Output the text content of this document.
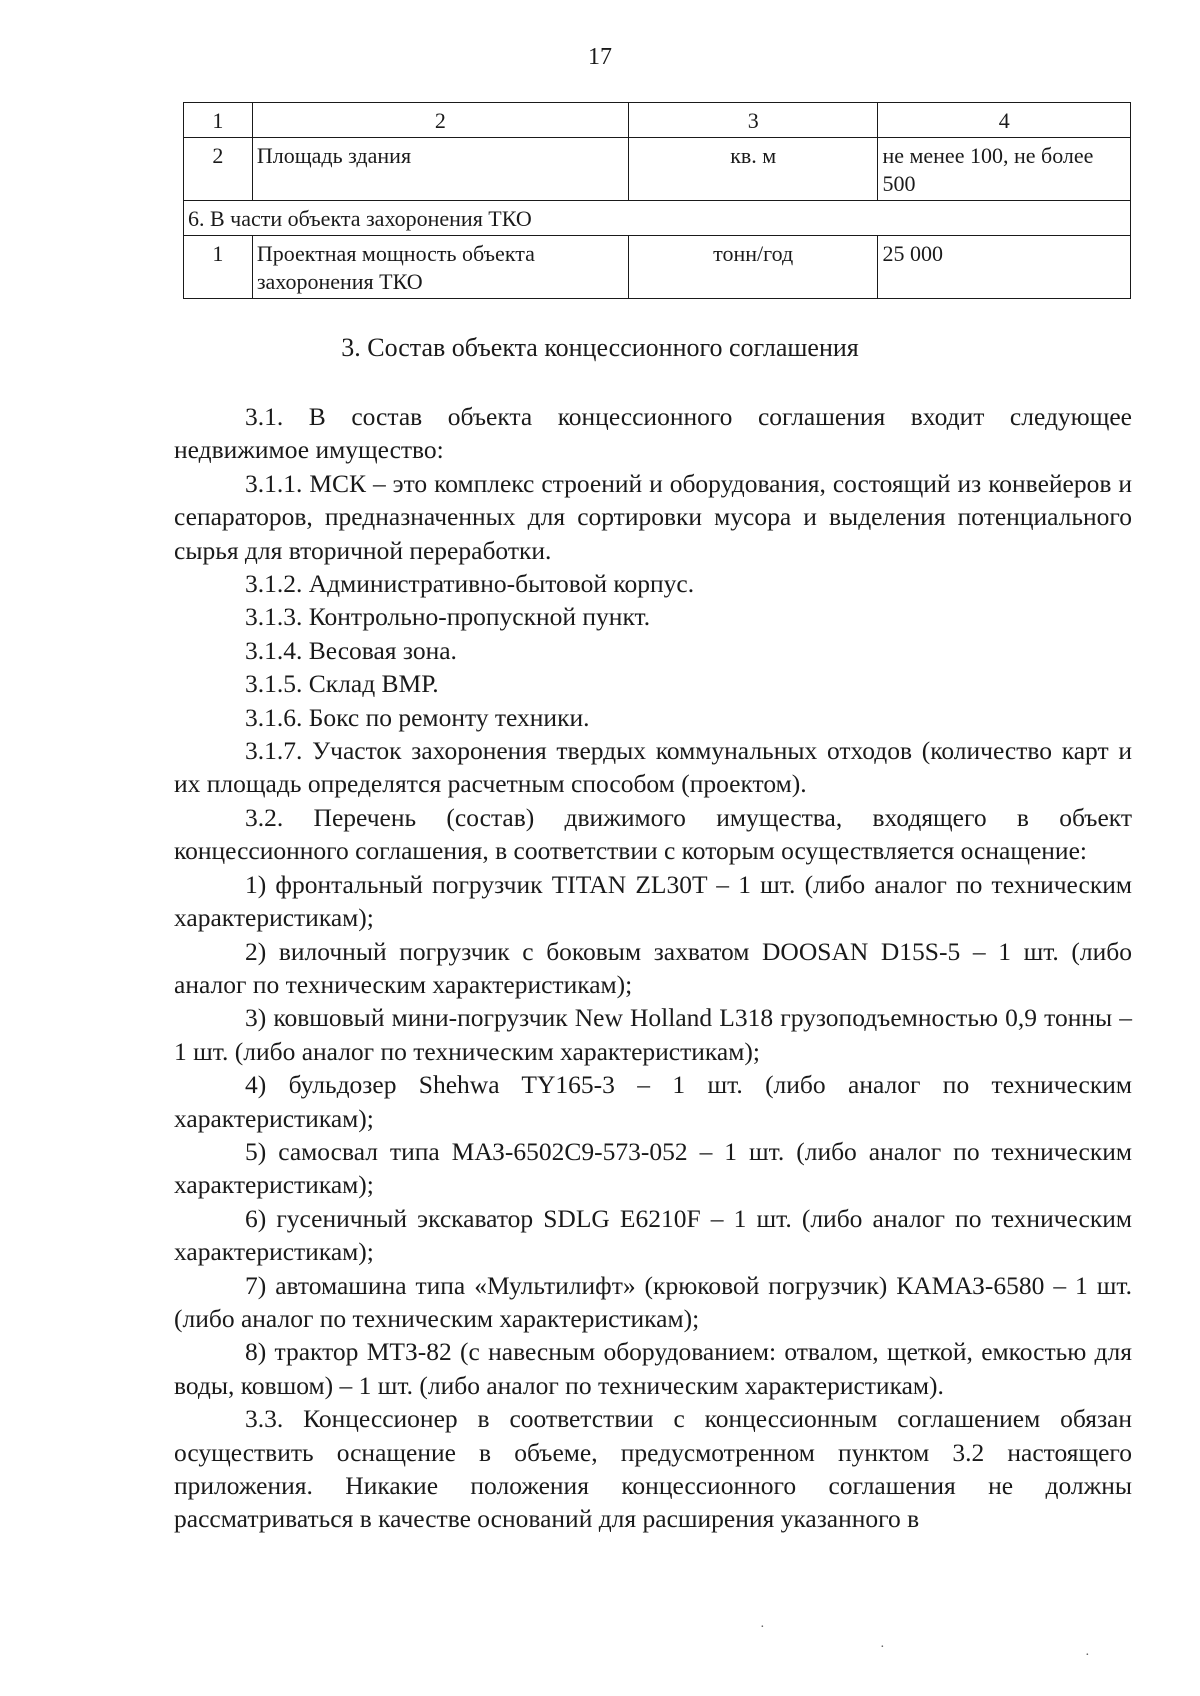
17
1	2	3	4
2	Площадь здания	кв. м	не менее 100, не более 500
6. В части объекта захоронения ТКО			
1	Проектная мощность объекта захоронения ТКО	тонн/год	25 000
3. Состав объекта концессионного соглашения

3.1. В состав объекта концессионного соглашения входит следующее недвижимое имущество:

3.1.1. МСК – это комплекс строений и оборудования, состоящий из конвейеров и сепараторов, предназначенных для сортировки мусора и выделения потенциального сырья для вторичной переработки.

3.1.2. Административно-бытовой корпус.

3.1.3. Контрольно-пропускной пункт.

3.1.4. Весовая зона.

3.1.5. Склад ВМР.

3.1.6. Бокс по ремонту техники.

3.1.7. Участок захоронения твердых коммунальных отходов (количество карт и их площадь определятся расчетным способом (проектом).

3.2. Перечень (состав) движимого имущества, входящего в объект концессионного соглашения, в соответствии с которым осуществляется оснащение:

1) фронтальный погрузчик TITAN ZL30T – 1 шт. (либо аналог по техническим характеристикам);

2) вилочный погрузчик с боковым захватом DOOSAN D15S-5 – 1 шт. (либо аналог по техническим характеристикам);

3) ковшовый мини-погрузчик New Holland L318 грузоподъемностью 0,9 тонны – 1 шт. (либо аналог по техническим характеристикам);

4) бульдозер Shehwa TY165-3 – 1 шт. (либо аналог по техническим характеристикам);

5) самосвал типа МАЗ-6502С9-573-052 – 1 шт. (либо аналог по техническим характеристикам);

6) гусеничный экскаватор SDLG E6210F – 1 шт. (либо аналог по техническим характеристикам);

7) автомашина типа «Мультилифт» (крюковой погрузчик) КАМАЗ-6580 – 1 шт. (либо аналог по техническим характеристикам);

8) трактор МТЗ-82 (с навесным оборудованием: отвалом, щеткой, емкостью для воды, ковшом) – 1 шт. (либо аналог по техническим характеристикам).

3.3. Концессионер в соответствии с концессионным соглашением обязан осуществить оснащение в объеме, предусмотренном пунктом 3.2 настоящего приложения. Никакие положения концессионного соглашения не должны рассматриваться в качестве оснований для расширения указанного в

·
·
·
